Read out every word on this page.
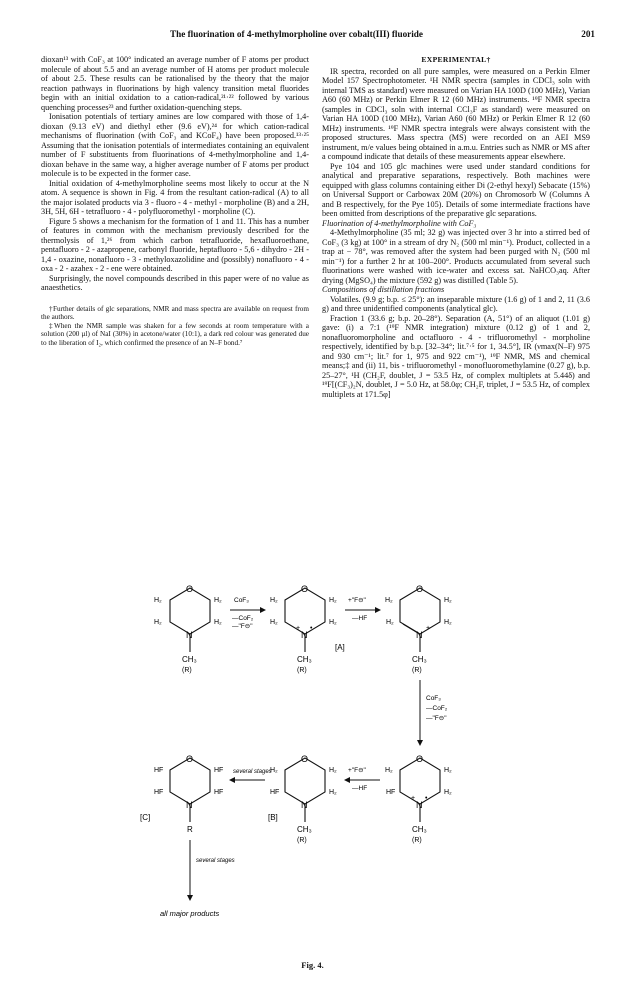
The fluorination of 4-methylmorpholine over cobalt(III) fluoride	201

dioxan¹³ with CoF₃ at 100° indicated an average number of F atoms per product molecule of about 5.5 and an average number of H atoms per product molecule of about 2.5. These results can be rationalised by the theory that the major reaction pathways in fluorinations by high valency transition metal fluorides begin with an initial oxidation to a cation-radical,²¹·²² followed by various quenching processes²³ and further oxidation-quenching steps.

Ionisation potentials of tertiary amines are low compared with those of 1,4-dioxan (9.13 eV) and diethyl ether (9.6 eV),²⁴ for which cation-radical mechanisms of fluorination (with CoF₃ and KCoF₄) have been proposed.¹³·²⁵ Assuming that the ionisation potentials of intermediates containing an equivalent number of F substituents from fluorinations of 4-methylmorpholine and 1,4-dioxan behave in the same way, a higher average number of F atoms per product molecule is to be expected in the former case.

Initial oxidation of 4-methylmorpholine seems most likely to occur at the N atom. A sequence is shown in Fig. 4 from the resultant cation-radical (A) to all the major isolated products via 3 - fluoro - 4 - methyl - morpholine (B) and a 2H, 3H, 5H, 6H - tetrafluoro - 4 - polyfluoromethyl - morpholine (C).

Figure 5 shows a mechanism for the formation of 1 and 11. This has a number of features in common with the mechanism previously described for the thermolysis of 1,²⁶ from which carbon tetrafluoride, hexafluoroethane, pentafluoro - 2 - azapropene, carbonyl fluoride, heptafluoro - 5,6 - dihydro - 2H - 1,4 - oxazine, nonafluoro - 3 - methyloxazolidine and (possibly) nonafluoro - 4 - oxa - 2 - azahex - 2 - ene were obtained.

Surprisingly, the novel compounds described in this paper were of no value as anaesthetics.

†Further details of glc separations, NMR and mass spectra are available on request from the authors.

‡When the NMR sample was shaken for a few seconds at room temperature with a solution (200 µl) of NaI (30%) in acetone/water (10:1), a dark red colour was generated due to the liberation of I₂, which confirmed the presence of an N–F bond.⁷

EXPERIMENTAL†

IR spectra, recorded on all pure samples, were measured on a Perkin Elmer Model 157 Spectrophotometer. ¹H NMR spectra (samples in CDCl₃ soln with internal TMS as standard) were measured on Varian HA 100D (100 MHz), Varian A60 (60 MHz) or Perkin Elmer R 12 (60 MHz) instruments. ¹⁹F NMR spectra (samples in CDCl₃ soln with internal CCl₃F as standard) were measured on Varian HA 100D (100 MHz), Varian A60 (60 MHz) or Perkin Elmer R 12 (60 MHz) instruments. ¹⁹F NMR spectra integrals were always consistent with the proposed structures. Mass spectra (MS) were recorded on an AEI MS9 instrument, m/e values being obtained in a.m.u. Entries such as NMR or MS after a compound indicate that details of these measurements appear elsewhere.

Pye 104 and 105 glc machines were used under standard conditions for analytical and preparative separations, respectively. Both machines were equipped with glass columns containing either Di (2-ethyl hexyl) Sebacate (15%) on Universal Support or Carbowax 20M (20%) on Chromosorb W (Columns A and B respectively, for the Pye 105). Details of some intermediate fractions have been omitted from descriptions of the preparative glc separations.

Fluorination of 4-methylmorpholine with CoF₃

4-Methylmorpholine (35 ml; 32 g) was injected over 3 hr into a stirred bed of CoF₃ (3 kg) at 100° in a stream of dry N₂ (500 ml min⁻¹). Product, collected in a trap at − 78°, was removed after the system had been purged with N₂ (500 ml min⁻¹) for a further 2 hr at 100–200°. Products accumulated from several such fluorinations were washed with ice-water and excess sat. NaHCO₃aq. After drying (MgSO₄) the mixture (592 g) was distilled (Table 5).

Compositions of distillation fractions

Volatiles. (9.9 g; b.p. ≤ 25°): an inseparable mixture (1.6 g) of 1 and 2, 11 (3.6 g) and three unidentified components (analytical glc).

Fraction 1 (33.6 g; b.p. 20–28°). Separation (A, 51°) of an aliquot (1.01 g) gave: (i) a 7:1 (¹⁹F NMR integration) mixture (0.12 g) of 1 and 2, nonafluoromorpholine and octafluoro - 4 - trifluoromethyl - morpholine respectively, identified by b.p. [32–34°; lit.⁷·⁵ for 1, 34.5°], IR (νmax(N–F) 975 and 930 cm⁻¹; lit.⁷ for 1, 975 and 922 cm⁻¹), ¹⁹F NMR, MS and chemical means;‡ and (ii) 11, bis - trifluoromethyl - monofluoromethylamine (0.27 g), b.p. 25–27°, ¹H (CH₂F, doublet, J = 53.5 Hz, of complex multiplets at 5.44δ) and ¹⁹F[(CF₃)₂N, doublet, J = 5.0 Hz, at 58.0φ; CH₂F, triplet, J = 53.5 Hz, of complex multiplets at 171.5φ]

O
N
H₂	H₂
H₂	H₂
CH₃
(R)
CoF₃
—CoF₂
—"F⊖"
O
N
+ •
H₂	H₂
H₂	H₂
CH₃
(R)
[A]
+"F⊖"
—HF
O
N
+
H₂	H₂
H₂	H₂
CH₃
(R)
CoF₃
—CoF₂
—"F⊖"
O
N
+ •
H₂	H₂
HF	H₂
CH₃
(R)
+"F⊖"
—HF
O
N
H₂	H₂
HF	H₂
CH₃
(R)
[B]
several stages
O
N
HF	HF
HF	HF
R
[C]
several stages
all major products
Fig. 4.
